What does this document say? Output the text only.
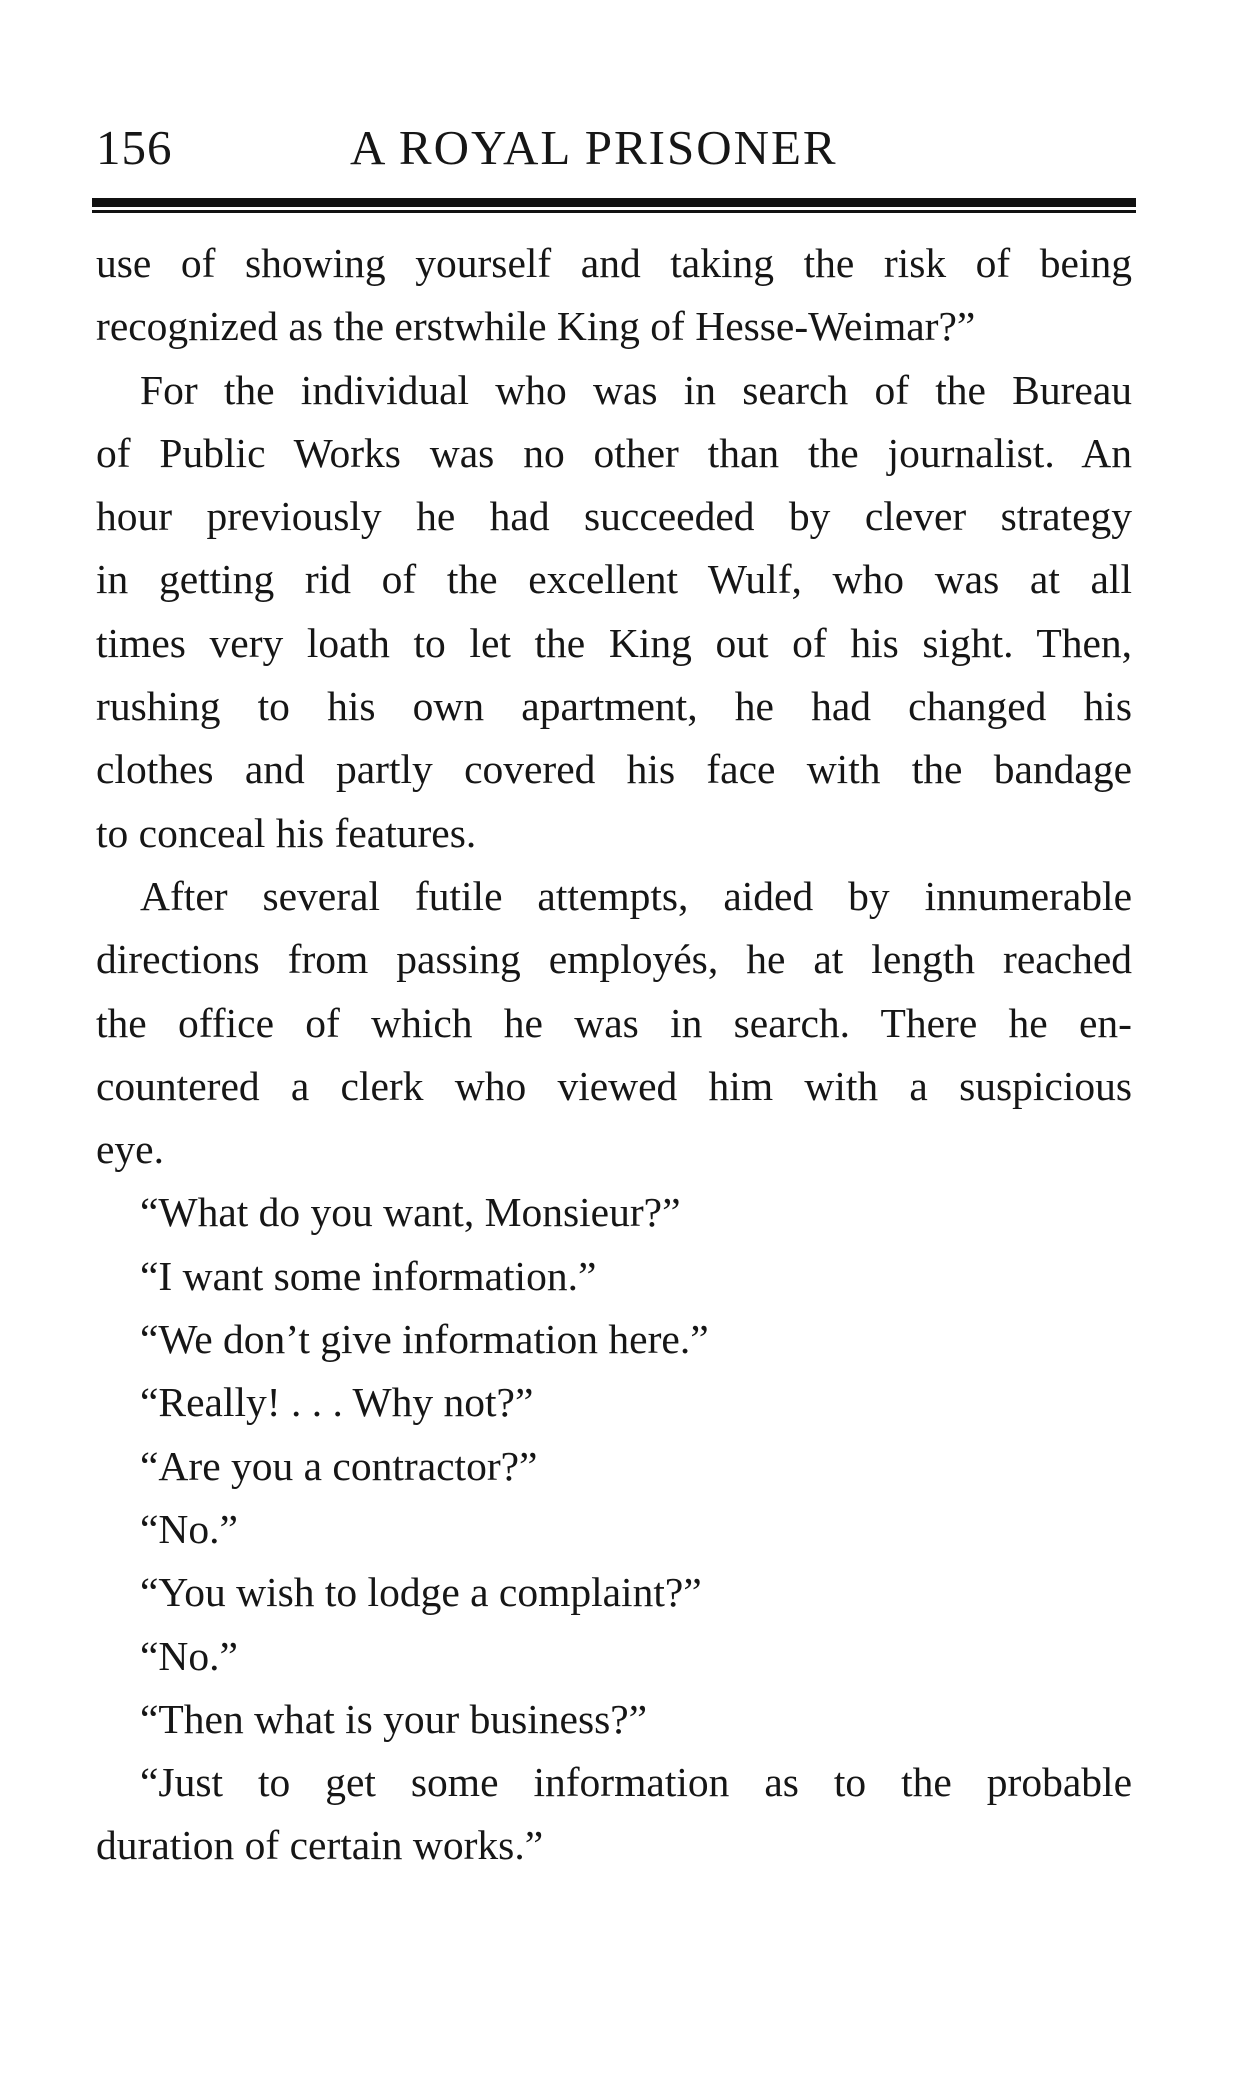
156	A ROYAL PRISONER
use of showing yourself and taking the risk of being
recognized as the erstwhile King of Hesse-Weimar?”
For the individual who was in search of the Bureau
of Public Works was no other than the journalist. An
hour previously he had succeeded by clever strategy
in getting rid of the excellent Wulf, who was at all
times very loath to let the King out of his sight. Then,
rushing to his own apartment, he had changed his
clothes and partly covered his face with the bandage
to conceal his features.
After several futile attempts, aided by innumerable
directions from passing employés, he at length reached
the office of which he was in search. There he en-
countered a clerk who viewed him with a suspicious
eye.
“What do you want, Monsieur?”
“I want some information.”
“We don’t give information here.”
“Really! . . . Why not?”
“Are you a contractor?”
“No.”
“You wish to lodge a complaint?”
“No.”
“Then what is your business?”
“Just to get some information as to the probable
duration of certain works.”
